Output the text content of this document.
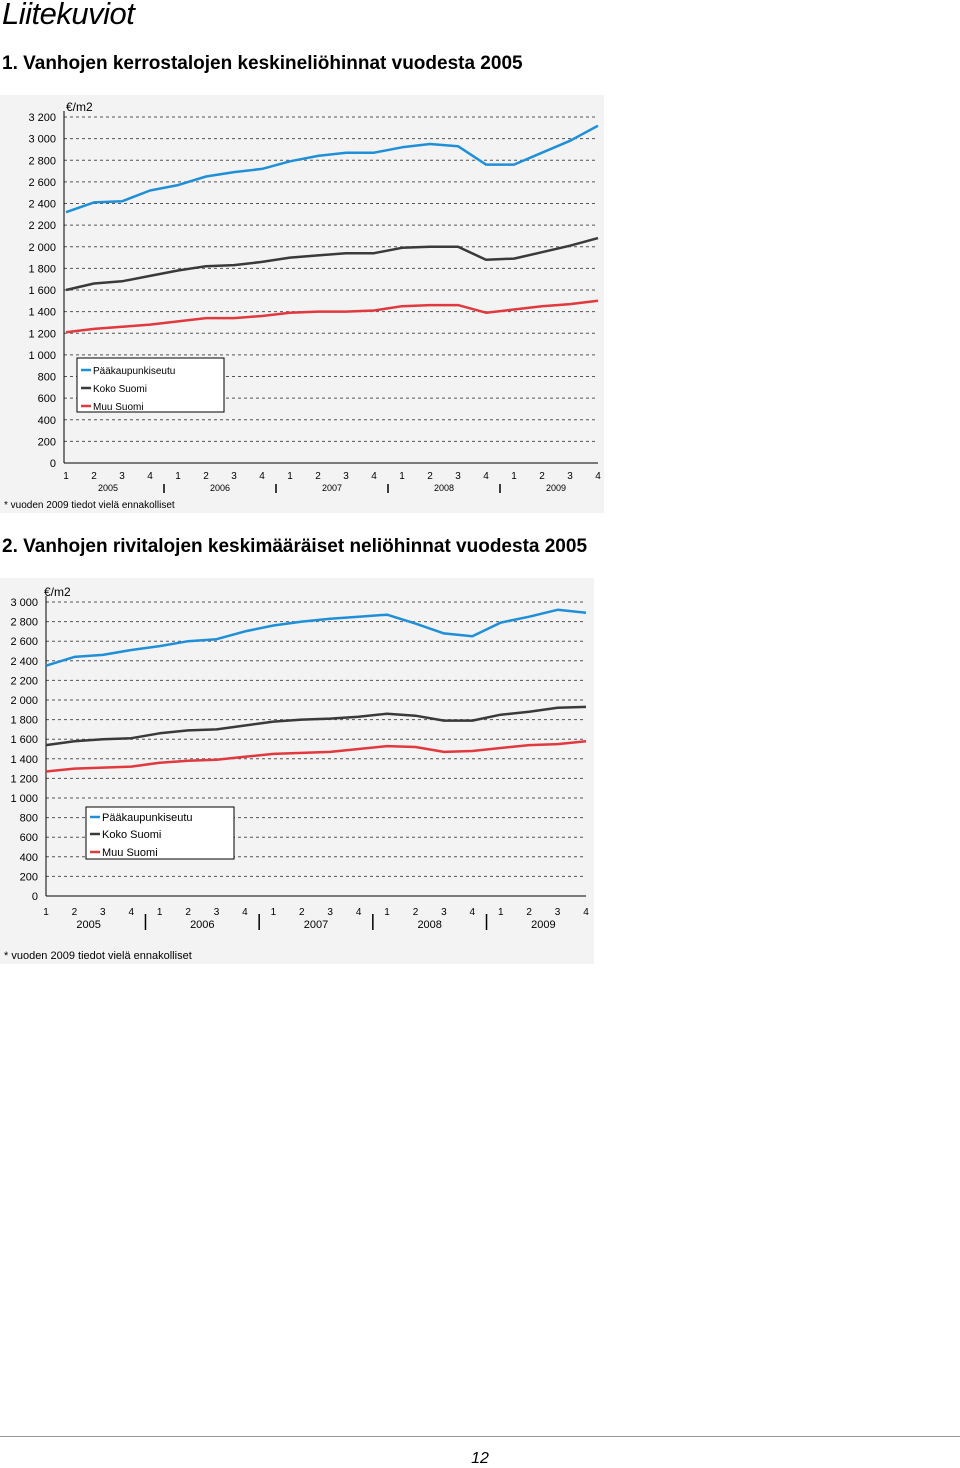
Liitekuviot
1. Vanhojen kerrostalojen keskineliöhinnat vuodesta 2005
0
200
400
600
800
1 000
1 200
1 400
1 600
1 800
2 000
2 200
2 400
2 600
2 800
3 000
3 200
€/m2
1 2 3 4 1 2 3 4 1 2 3 4 1 2 3 4 1 2 3 4
2005	2006	2007	2008	2009
Pääkaupunkiseutu
Koko Suomi
Muu Suomi
* vuoden 2009 tiedot vielä ennakolliset
2. Vanhojen rivitalojen keskimääräiset neliöhinnat vuodesta 2005
0
200
400
600
800
1 000
1 200
1 400
1 600
1 800
2 000
2 200
2 400
2 600
2 800
3 000
€/m2
1 2 3 4 1 2 3 4 1 2 3 4 1 2 3 4 1 2 3 4
2005	2006	2007	2008	2009
Pääkaupunkiseutu
Koko Suomi
Muu Suomi
* vuoden 2009 tiedot vielä ennakolliset
12
